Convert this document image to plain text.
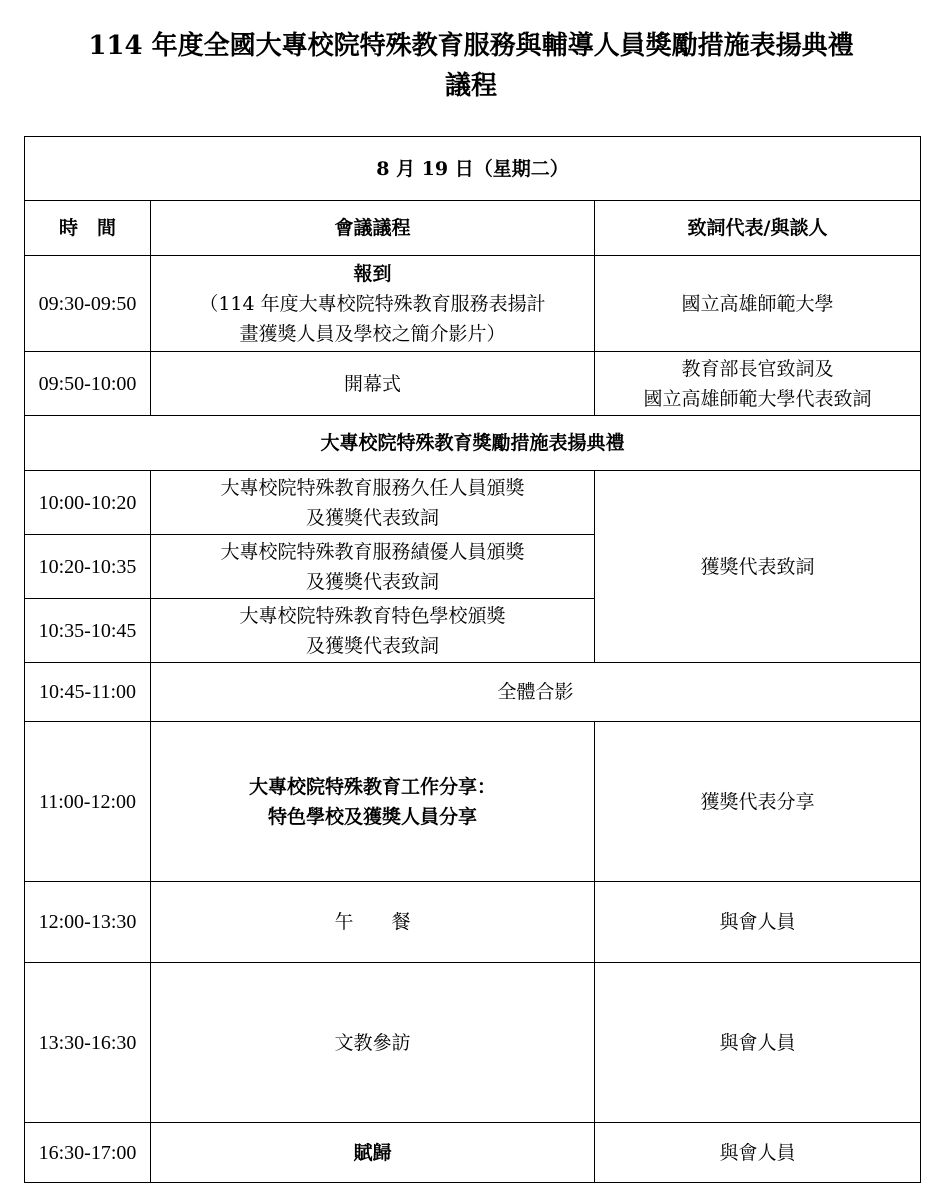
114 年度全國大專校院特殊教育服務與輔導人員獎勵措施表揚典禮
議程
8 月 19 日（星期二）		
時　間	會議議程	致詞代表/與談人
09:30-09:50	報到
（114 年度大專校院特殊教育服務表揚計
畫獲獎人員及學校之簡介影片）	國立高雄師範大學
09:50-10:00	開幕式	教育部長官致詞及
國立高雄師範大學代表致詞

大專校院特殊教育獎勵措施表揚典禮		
10:00-10:20	大專校院特殊教育服務久任人員頒獎
及獲獎代表致詞	獲獎代表致詞
10:20-10:35	大專校院特殊教育服務績優人員頒獎
及獲獎代表致詞	

10:35-10:45	大專校院特殊教育特色學校頒獎
及獲獎代表致詞	

10:45-11:00	全體合影	
11:00-12:00	大專校院特殊教育工作分享：
特色學校及獲獎人員分享	獲獎代表分享
12:00-13:30	午　　餐	與會人員
13:30-16:30	文教參訪	與會人員
16:30-17:00	賦歸	與會人員
